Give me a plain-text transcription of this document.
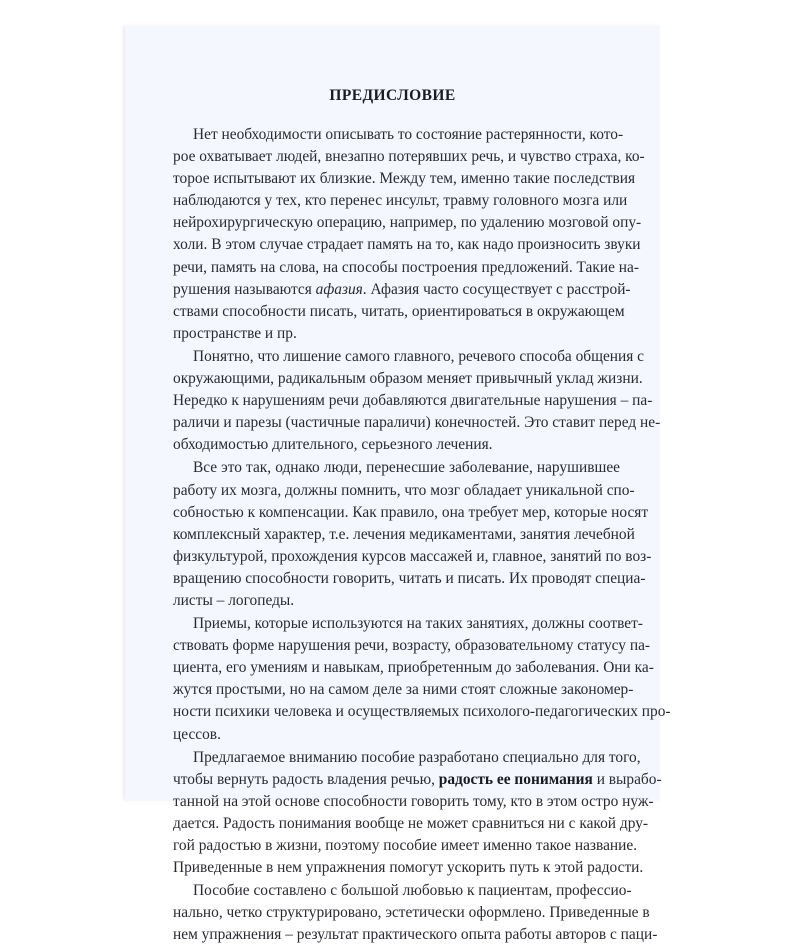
ПРЕДИСЛОВИЕ

Нет необходимости описывать то состояние растерянности, кото-
рое охватывает людей, внезапно потерявших речь, и чувство страха, ко-
торое испытывают их близкие. Между тем, именно такие последствия
наблюдаются у тех, кто перенес инсульт, травму головного мозга или
нейрохирургическую операцию, например, по удалению мозговой опу-
холи. В этом случае страдает память на то, как надо произносить звуки
речи, память на слова, на способы построения предложений. Такие на-
рушения называются афазия. Афазия часто сосуществует с расстрой-
ствами способности писать, читать, ориентироваться в окружающем
пространстве и пр.

Понятно, что лишение самого главного, речевого способа общения с
окружающими, радикальным образом меняет привычный уклад жизни.
Нередко к нарушениям речи добавляются двигательные нарушения – па-
раличи и парезы (частичные параличи) конечностей. Это ставит перед не-
обходимостью длительного, серьезного лечения.

Все это так, однако люди, перенесшие заболевание, нарушившее
работу их мозга, должны помнить, что мозг обладает уникальной спо-
собностью к компенсации. Как правило, она требует мер, которые носят
комплексный характер, т.е. лечения медикаментами, занятия лечебной
физкультурой, прохождения курсов массажей и, главное, занятий по воз-
вращению способности говорить, читать и писать. Их проводят специа-
листы – логопеды.

Приемы, которые используются на таких занятиях, должны соответ-
ствовать форме нарушения речи, возрасту, образовательному статусу па-
циента, его умениям и навыкам, приобретенным до заболевания. Они ка-
жутся простыми, но на самом деле за ними стоят сложные закономер-
ности психики человека и осуществляемых психолого-педагогических про-
цессов.

Предлагаемое вниманию пособие разработано специально для того,
чтобы вернуть радость владения речью, радость ее понимания и вырабо-
танной на этой основе способности говорить тому, кто в этом остро нуж-
дается. Радость понимания вообще не может сравниться ни с какой дру-
гой радостью в жизни, поэтому пособие имеет именно такое название.
Приведенные в нем упражнения помогут ускорить путь к этой радости.

Пособие составлено с большой любовью к пациентам, профессио-
нально, четко структурировано, эстетически оформлено. Приведенные в
нем упражнения – результат практического опыта работы авторов с паци-
